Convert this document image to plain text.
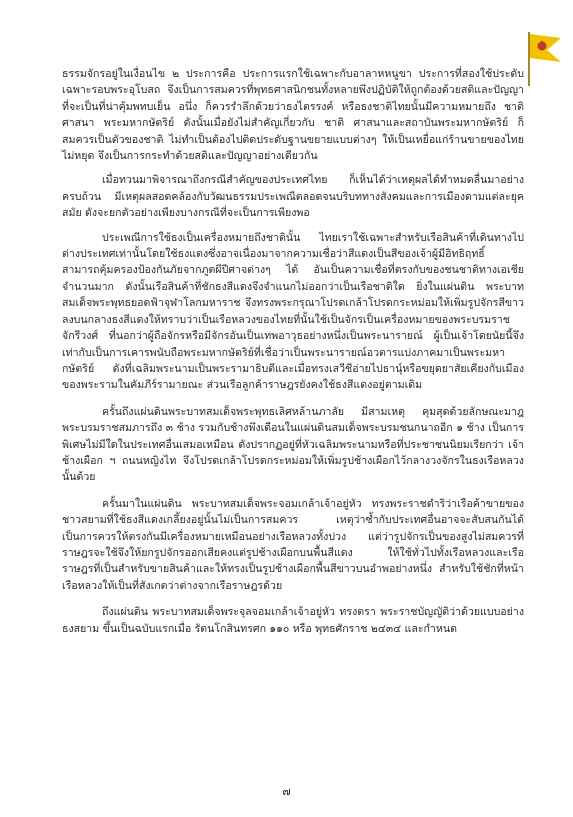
ธรรมจักรอยู่ในเงื่อนไข ๒ ประการคือ ประการแรกใช้เฉพาะกับอาลาหหนูขา ประการที่สองใช้ประดับเฉพาะรอบพระอุโบสถ จึงเป็นการสมควรที่พุทธศาสนิกชนทั้งหลายพึงปฏิบัติให้ถูกต้องด้วยสติและปัญญาที่จะเป็นที่น่าคุ้มพทบเย็น อนึ่ง ก็ควรรำลึกด้วยว่าธงไตรรงค์ หรือธงชาติไทยนั้นมีความหมายถึง ชาติ ศาสนา พระมหากษัตริย์ ดังนั้นเมื่อยังไม่สำคัญเกี่ยวกับ ชาติ ศาสนาและสถาบันพระมหากษัตริย์ ก็สมควรเป็นตัวของชาติ ไม่ทำเป็นต้องไปติดประดับฐานขยายแบบต่างๆ ให้เป็นเหยื่อแก่ร้านขายของไทยไม่หยุด จึงเป็นการกระทำด้วยสติและปัญญาอย่างเดียวกัน

เมื่อทวนมาพิจารณาถึงกรณีสำคัญของประเทศไทย ก็เห็นได้ว่าเหตุผลได้ทำหมดลื่นมาอย่างครบถ้วน มีเหตุผลสอดคล้องกับวัฒนธรรมประเพณีตลอดจนบริบททางสังคมและการเมืองตามแต่ละยุคสมัย ดังจะยกตัวอย่างเพียงบางกรณีที่จะเป็นการเพียงพอ

ประเพณีการใช้ธงเป็นเครื่องหมายถึงชาตินั้น ไทยเราใช้เฉพาะสำหรับเรือสินค้าที่เดินทางไปต่างประเทศเท่านั้นโดยใช้ธงแดงซึ่งอาจเนื่องมาจากความเชื่อว่าสีแดงเป็นสีของเจ้าผู้มีอิทธิฤทธิ์ สามารถคุ้มครองป้องกันภัยจากภูตผีปีศาจต่างๆ ได้ อันเป็นความเชื่อที่ตรงกับของชนชาติทางเอเชียจำนวนมาก ดังนั้นเรือสินค้าที่ชักธงสีแดงจึงจำแนกไม่ออกว่าเป็นเรือชาติใด ยิ่งในแผ่นดิน พระบาทสมเด็จพระพุทธยอดฟ้าจุฬาโลกมหาราช จึงทรงพระกรุณาโปรดเกล้าโปรดกระหม่อมให้เพิ่มรูปจักรสีขาวลงบนกลางธงสีแดงให้ทราบว่าเป็นเรือหลวงของไทยที่นั้นใช้เป็นจักรเป็นเครื่องหมายของพระบรมราชจักรีวงศ์ ที่นอกว่าผู้ถือจักรหรือมีจักรอันเป็นเทพอาวุธอย่างหนึ่งเป็นพระนารายณ์ ผู้เป็นเจ้าโดยนัยนี้จึงเท่ากับเป็นการเคารพนับถือพระมหากษัตริย์ที่เชื่อว่าเป็นพระนารายณ์อวตารแบ่งภาคมาเป็นพระมหากษัตริย์ ดังที่เฉลิมพระนามเป็นพระรามาธิบดีและเมื่อทรงเสวีชีอ่ายไปธานุ์หรือขยุดยาสัยเคียงกับเมืองของพระรามในคัมภีร์รามายณะ ส่วนเรือลูกค้าราษฎรยังคงใช้ธงสีแดงอยู่ตามเดิม

ครั้นถึงแผ่นดินพระบาทสมเด็จพระพุทธเลิศหล้านภาลัย มีสามเหตุ คุมสุดด้วยลักษณะมาฎพระบรมราชสมภารถึง ๓ ช้าง รวมกับช้างพึงเดือนในแผ่นดินสมเด็จพระบรมชนกนาถอีก ๑ ช้าง เป็นการพิเศษไม่มีใดในประเทศอื่นเสมอเหมือน ดังปรากฏอยู่ที่หัวเฉลิมพระนามหรือที่ประชาชนนิยมเรียกว่า เจ้าช้างเผือก ฯ ถนนหญิงไท จึงโปรดเกล้าโปรดกระหม่อมให้เพิ่มรูปช้างเผือกไว้กลางวงจักรในธงเรือหลวงนั้นด้วย

ครั้นมาในแผ่นดิน พระบาทสมเด็จพระจอมเกล้าเจ้าอยู่หัว ทรงพระราชดำริว่าเรือค้าขายของชาวสยามที่ใช้ธงสีแดงเกลี้ยงอยู่นั้นไม่เป็นการสมควร เหตุว่าซ้ำกับประเทศอื่นอาจจะสับสนกันได้ เป็นการควรให้ตรงกันมีเครื่องหมายเหมือนอย่างเรือหลวงทั้งปวง แต่ว่ารูปจักรเป็นของสูงไม่สมควรที่ราษฎรจะใช้จึงให้ยกรูปจักรออกเสียคงแต่รูปช้างเผือกบนพื้นสีแดง ให้ใช้ทั่วไปทั้งเรือหลวงและเรือราษฎรที่เป็นสำหรับขายสินค้าและให้ทรงเป็นรูปช้างเผือกพื้นสีขาวบนอำพอย่างหนึ่ง สำหรับใช้ชักที่หน้าเรือหลวงให้เป็นที่สังเกตว่าต่างจากเรือราษฎรด้วย

ถึงแผ่นดิน พระบาทสมเด็จพระจุลจอมเกล้าเจ้าอยู่หัว ทรงตรา พระราชบัญญัติว่าด้วยแบบอย่างธงสยาม ขึ้นเป็นฉบับแรกเมื่อ รัตนโกสินทรศก ๑๑๐ หรือ พุทธศักราช ๒๔๓๔ และกำหนด

๗
